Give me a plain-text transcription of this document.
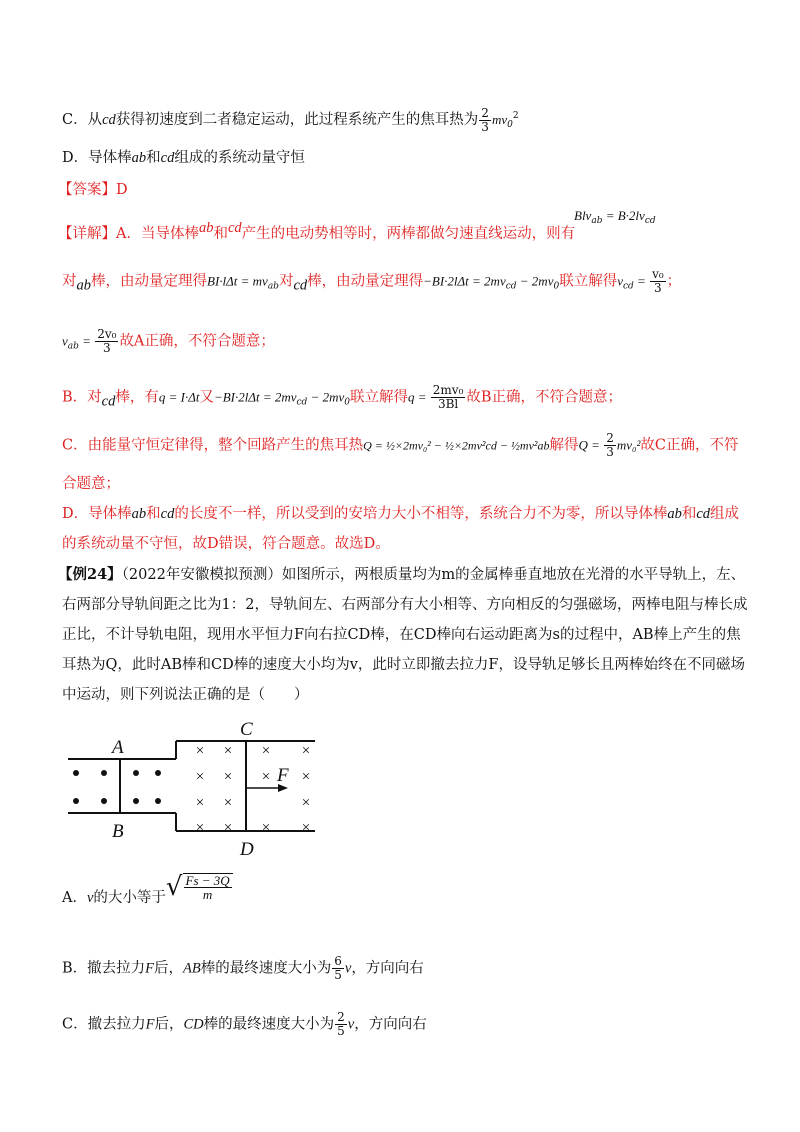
C．从cd获得初速度到二者稳定运动，此过程系统产生的焦耳热为 $\frac{2}{3} mv_0^2$
D．导体棒ab和cd组成的系统动量守恒
【答案】D
【详解】A．当导体棒ab和cd产生的电动势相等时，两棒都做匀速直线运动，则有
$Blv_{ab} = B\cdot 2lv_{cd}$
对ab棒，由动量定理得$BI\cdot l\Delta t = mv_{ab}$对cd棒，由动量定理得$-BI\cdot 2l\Delta t = 2mv_{cd} - 2mv_0$联立解得$v_{cd} = \frac{\text{v₀}}{3}$ ；
$v_{ab} = \frac{\text{2v₀}}{3}$ 故A正确，不符合题意；
B．对cd棒，有q = I·Δt又$-BI\cdot 2l\Delta t = 2mv_{cd} - 2mv_0$联立解得$q = \frac{\text{2mv₀}}{3Bl}$ 故B正确，不符合题意；
C．由能量守恒定律得，整个回路产生的焦耳热Q = ½×2mv₀² − ½×2mv²cd − ½mv²ab解得$Q = \frac{2}{3} mv_0^2$故C正确，不符
合题意；
D．导体棒ab和cd的长度不一样，所以受到的安培力大小不相等，系统合力不为零，所以导体棒ab和cd组成
的系统动量不守恒，故D错误，符合题意。故选D。
【例24】（2022年安徽模拟预测）如图所示，两根质量均为m的金属棒垂直地放在光滑的水平导轨上，左、
右两部分导轨间距之比为1：2，导轨间左、右两部分有大小相等、方向相反的匀强磁场，两棒电阻与棒长成
正比，不计导轨电阻，现用水平恒力F向右拉CD棒，在CD棒向右运动距离为s的过程中，AB棒上产生的焦
耳热为Q，此时AB棒和CD棒的速度大小均为v，此时立即撤去拉力F，设导轨足够长且两棒始终在不同磁场
中运动，则下列说法正确的是（　　）
× × × ×
× × × ×
× ×	×
× × × ×
A
B
C
D
F
A．v的大小等于√ $\frac{Fs - 3Q}{m}$
B．撤去拉力F后，AB棒的最终速度大小为 $\frac{6}{5}$ v，方向向右
C．撤去拉力F后，CD棒的最终速度大小为 $\frac{2}{5}$ v，方向向右
